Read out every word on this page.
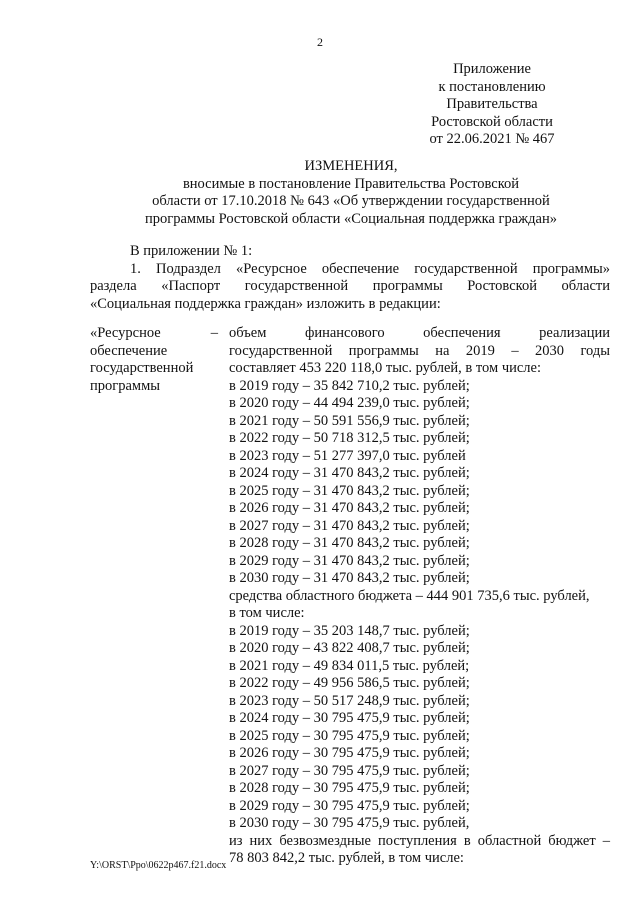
2
Приложение
к постановлению
Правительства
Ростовской области
от 22.06.2021 № 467
ИЗМЕНЕНИЯ,
вносимые в постановление Правительства Ростовской
области от 17.10.2018 № 643 «Об утверждении государственной
программы Ростовской области «Социальная поддержка граждан»
В приложении № 1:
1. Подраздел «Ресурсное обеспечение государственной программы»
раздела «Паспорт государственной программы Ростовской области
«Социальная поддержка граждан» изложить в редакции:
«Ресурсное	–
обеспечение
государственной
программы
объем финансового обеспечения реализации
государственной программы на 2019 – 2030 годы
составляет 453 220 118,0 тыс. рублей, в том числе:
в 2019 году – 35 842 710,2 тыс. рублей;
в 2020 году – 44 494 239,0 тыс. рублей;
в 2021 году – 50 591 556,9 тыс. рублей;
в 2022 году – 50 718 312,5 тыс. рублей;
в 2023 году – 51 277 397,0 тыс. рублей
в 2024 году – 31 470 843,2 тыс. рублей;
в 2025 году – 31 470 843,2 тыс. рублей;
в 2026 году – 31 470 843,2 тыс. рублей;
в 2027 году – 31 470 843,2 тыс. рублей;
в 2028 году – 31 470 843,2 тыс. рублей;
в 2029 году – 31 470 843,2 тыс. рублей;
в 2030 году – 31 470 843,2 тыс. рублей;
средства областного бюджета – 444 901 735,6 тыс. рублей,
в том числе:
в 2019 году – 35 203 148,7 тыс. рублей;
в 2020 году – 43 822 408,7 тыс. рублей;
в 2021 году – 49 834 011,5 тыс. рублей;
в 2022 году – 49 956 586,5 тыс. рублей;
в 2023 году – 50 517 248,9 тыс. рублей;
в 2024 году – 30 795 475,9 тыс. рублей;
в 2025 году – 30 795 475,9 тыс. рублей;
в 2026 году – 30 795 475,9 тыс. рублей;
в 2027 году – 30 795 475,9 тыс. рублей;
в 2028 году – 30 795 475,9 тыс. рублей;
в 2029 году – 30 795 475,9 тыс. рублей;
в 2030 году – 30 795 475,9 тыс. рублей,
из них безвозмездные поступления в областной бюджет –
78 803 842,2 тыс. рублей, в том числе:
Y:\ORST\Ppo\0622p467.f21.docx
